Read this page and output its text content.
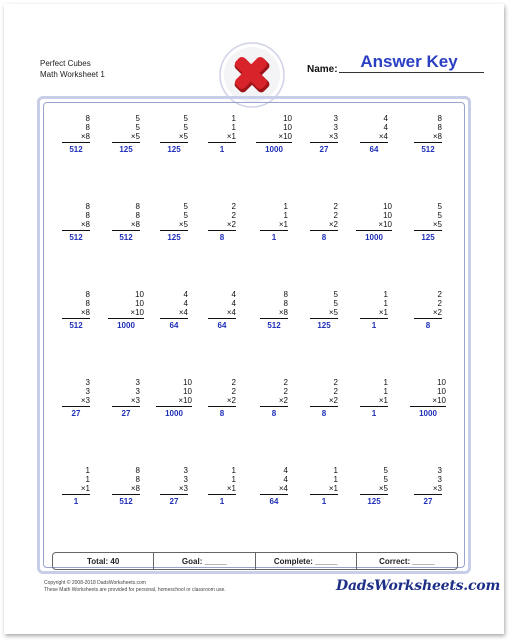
Perfect Cubes
Math Worksheet 1	Name:	Answer Key
8
8
×8
512
5
5
×5
125
5
5
×5
125
1
1
×1
1
10
10
×10
1000
3
3
×3
27
4
4
×4
64
8
8
×8
512
8
8
×8
512
8
8
×8
512
5
5
×5
125
2
2
×2
8
1
1
×1
1
2
2
×2
8
10
10
×10
1000
5
5
×5
125
8
8
×8
512
10
10
×10
1000
4
4
×4
64
4
4
×4
64
8
8
×8
512
5
5
×5
125
1
1
×1
1
2
2
×2
8
3
3
×3
27
3
3
×3
27
10
10
×10
1000
2
2
×2
8
2
2
×2
8
2
2
×2
8
1
1
×1
1
10
10
×10
1000
1
1
×1
1
8
8
×8
512
3
3
×3
27
1
1
×1
1
4
4
×4
64
1
1
×1
1
5
5
×5
125
3
3
×3
27
Total: 40	Goal: _____	Complete: _____	Correct: _____
Copyright © 2008-2018 DadsWorksheets.com
These Math Worksheets are provided for personal, homeschool or classroom use.	DadsWorksheets.com
